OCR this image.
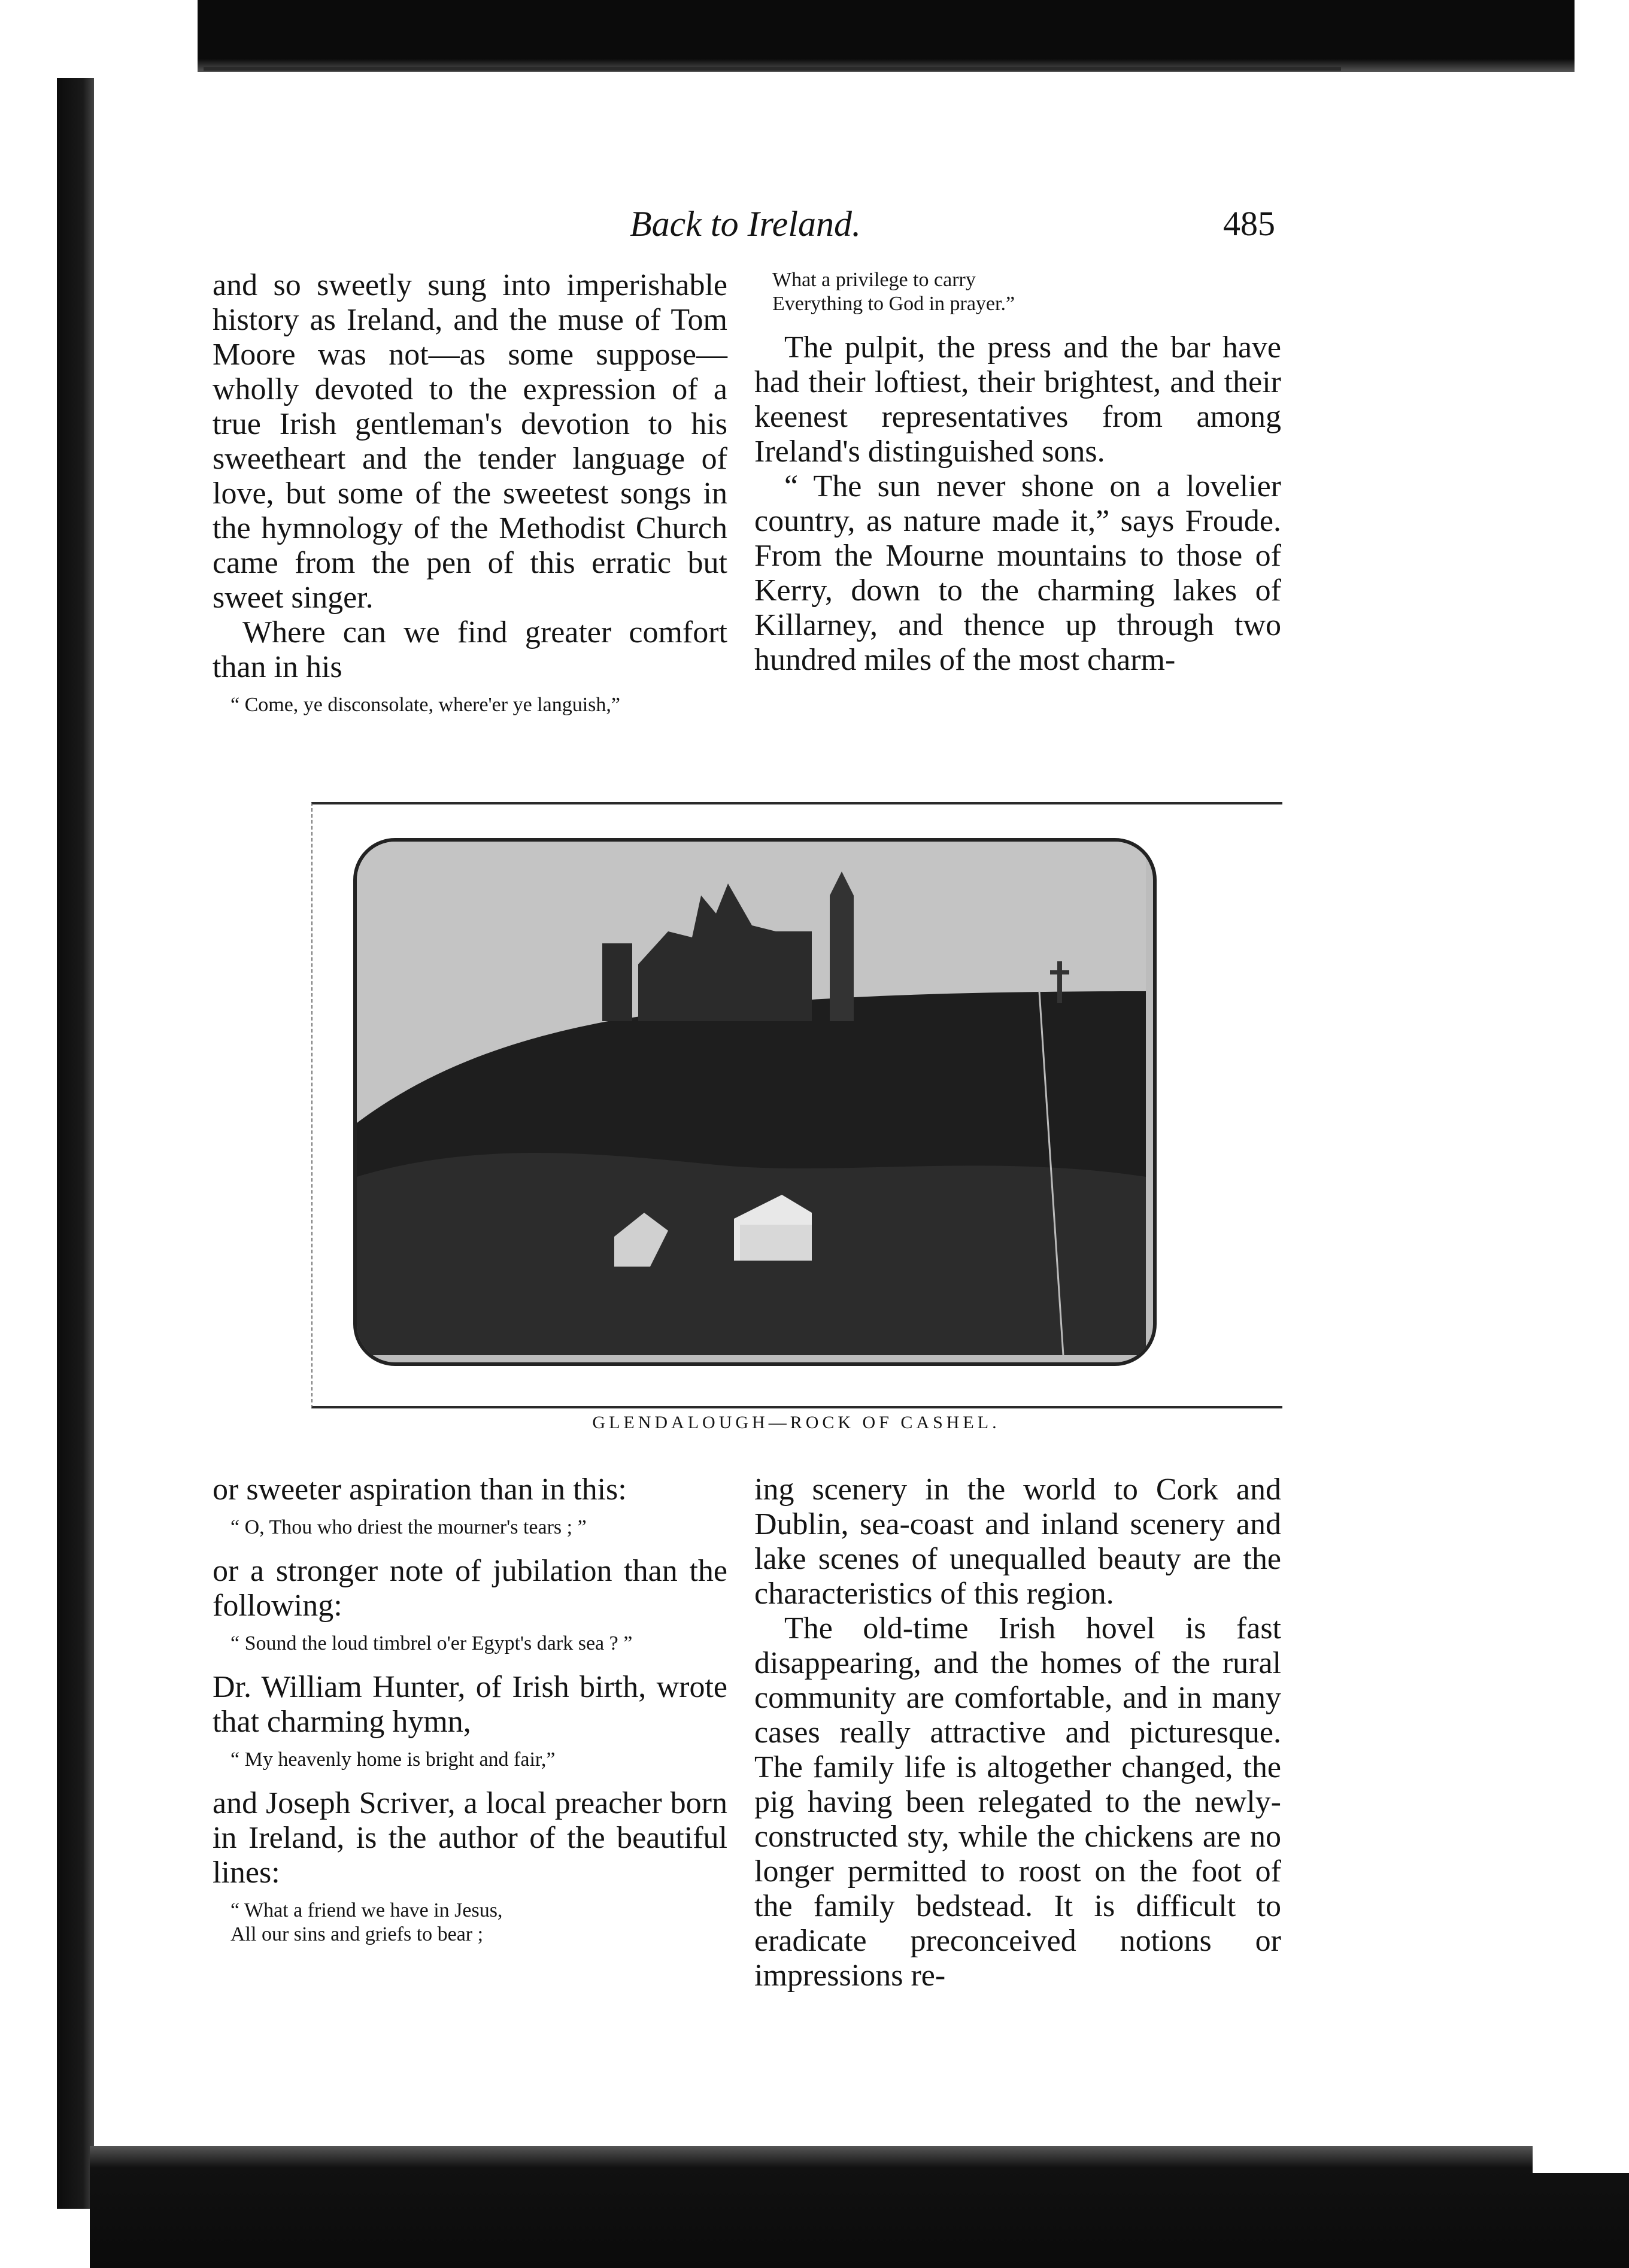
Back to Ireland.	485

and so sweetly sung into imperishable history as Ireland, and the muse of Tom Moore was not—as some suppose—wholly devoted to the expression of a true Irish gentleman's devotion to his sweetheart and the tender language of love, but some of the sweetest songs in the hymnology of the Methodist Church came from the pen of this erratic but sweet singer.

Where can we find greater comfort than in his

“ Come, ye disconsolate, where'er ye languish,”
What a privilege to carry
Everything to God in prayer.”

The pulpit, the press and the bar have had their loftiest, their brightest, and their keenest representatives from among Ireland's distinguished sons.

“ The sun never shone on a lovelier country, as nature made it,” says Froude. From the Mourne mountains to those of Kerry, down to the charming lakes of Killarney, and thence up through two hundred miles of the most charm-

GLENDALOUGH—ROCK OF CASHEL.

or sweeter aspiration than in this:

“ O, Thou who driest the mourner's tears ; ”

or a stronger note of jubilation than the following:

“ Sound the loud timbrel o'er Egypt's dark sea ? ”

Dr. William Hunter, of Irish birth, wrote that charming hymn,

“ My heavenly home is bright and fair,”

and Joseph Scriver, a local preacher born in Ireland, is the author of the beautiful lines:

“ What a friend we have in Jesus,
All our sins and griefs to bear ;

ing scenery in the world to Cork and Dublin, sea-coast and inland scenery and lake scenes of unequalled beauty are the characteristics of this region.

The old-time Irish hovel is fast disappearing, and the homes of the rural community are comfortable, and in many cases really attractive and picturesque. The family life is altogether changed, the pig having been relegated to the newly-constructed sty, while the chickens are no longer permitted to roost on the foot of the family bedstead. It is difficult to eradicate preconceived notions or impressions re-
